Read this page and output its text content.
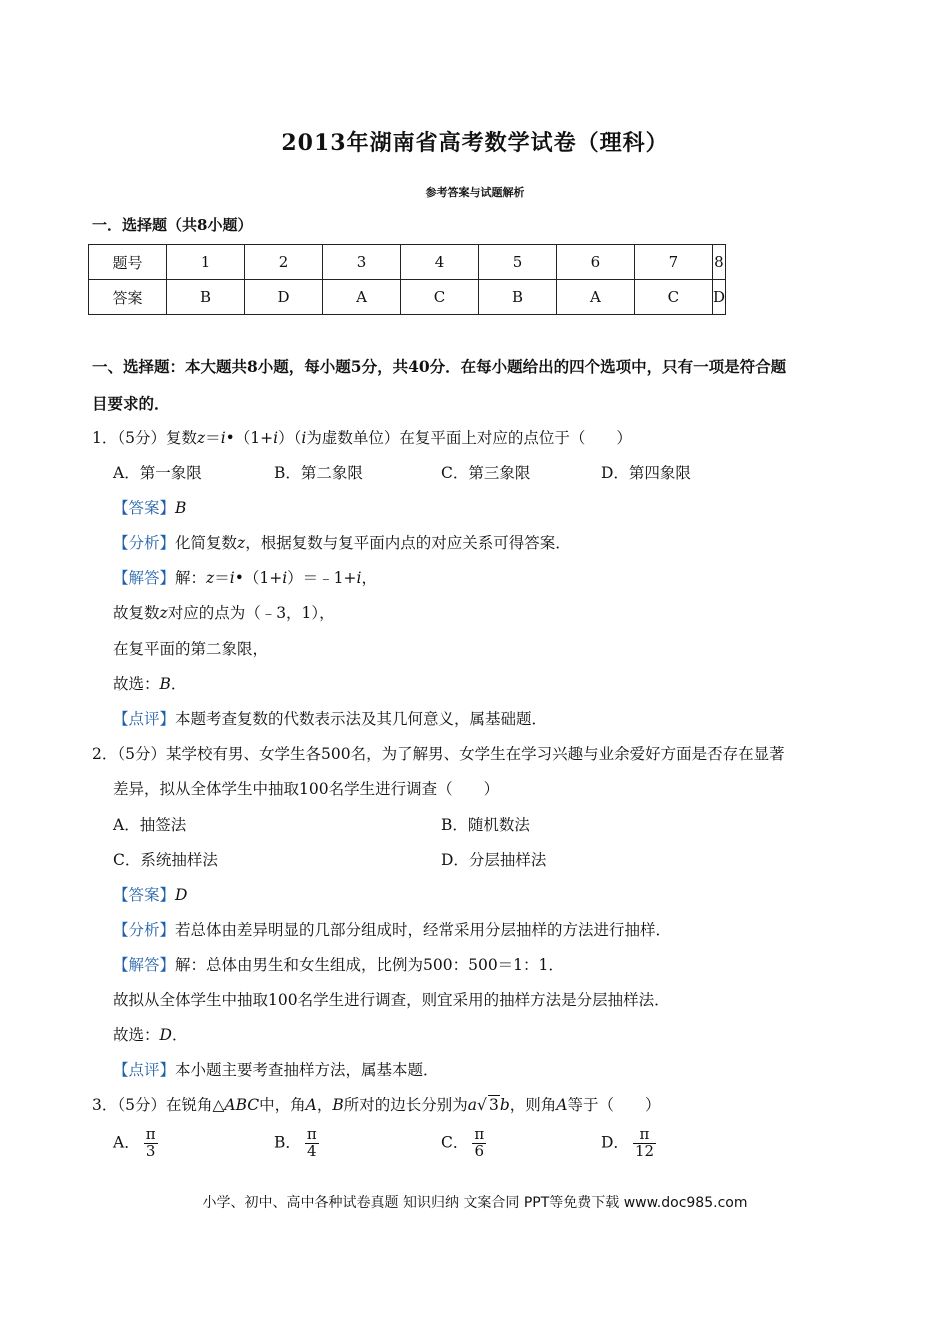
2013年湖南省高考数学试卷（理科）
参考答案与试题解析
一．选择题（共8小题）
题号	1	2	3	4	5	6	7	8
答案	B	D	A	C	B	A	C	D
一、选择题：本大题共8小题，每小题5分，共40分．在每小题给出的四个选项中，只有一项是符合题
目要求的．
1．（5分）复数z＝i•（1+i）（i为虚数单位）在复平面上对应的点位于（　　）
A．第一象限	B．第二象限	C．第三象限	D．第四象限
【答案】B
【分析】化简复数z，根据复数与复平面内点的对应关系可得答案．
【解答】解：z＝i•（1+i）＝﹣1+i，
故复数z对应的点为（﹣3，1），
在复平面的第二象限，
故选：B．
【点评】本题考查复数的代数表示法及其几何意义，属基础题．
2．（5分）某学校有男、女学生各500名，为了解男、女学生在学习兴趣与业余爱好方面是否存在显著
差异，拟从全体学生中抽取100名学生进行调查（　　）
A．抽签法	B．随机数法
C．系统抽样法	D．分层抽样法
【答案】D
【分析】若总体由差异明显的几部分组成时，经常采用分层抽样的方法进行抽样．
【解答】解：总体由男生和女生组成，比例为500：500＝1：1．
故拟从全体学生中抽取100名学生进行调查，则宜采用的抽样方法是分层抽样法．
故选：D．
【点评】本小题主要考查抽样方法，属基本题．
3．（5分）在锐角△ABC中，角A，B所对的边长分别为a√ 3b，则角A等于（　　）
A． $\frac{\pi}{3}$	B． $\frac{\pi}{4}$	C． $\frac{\pi}{6}$	D． $\frac{\pi}{12}$
小学、初中、高中各种试卷真题 知识归纳 文案合同 PPT等免费下载 www.doc985.com
